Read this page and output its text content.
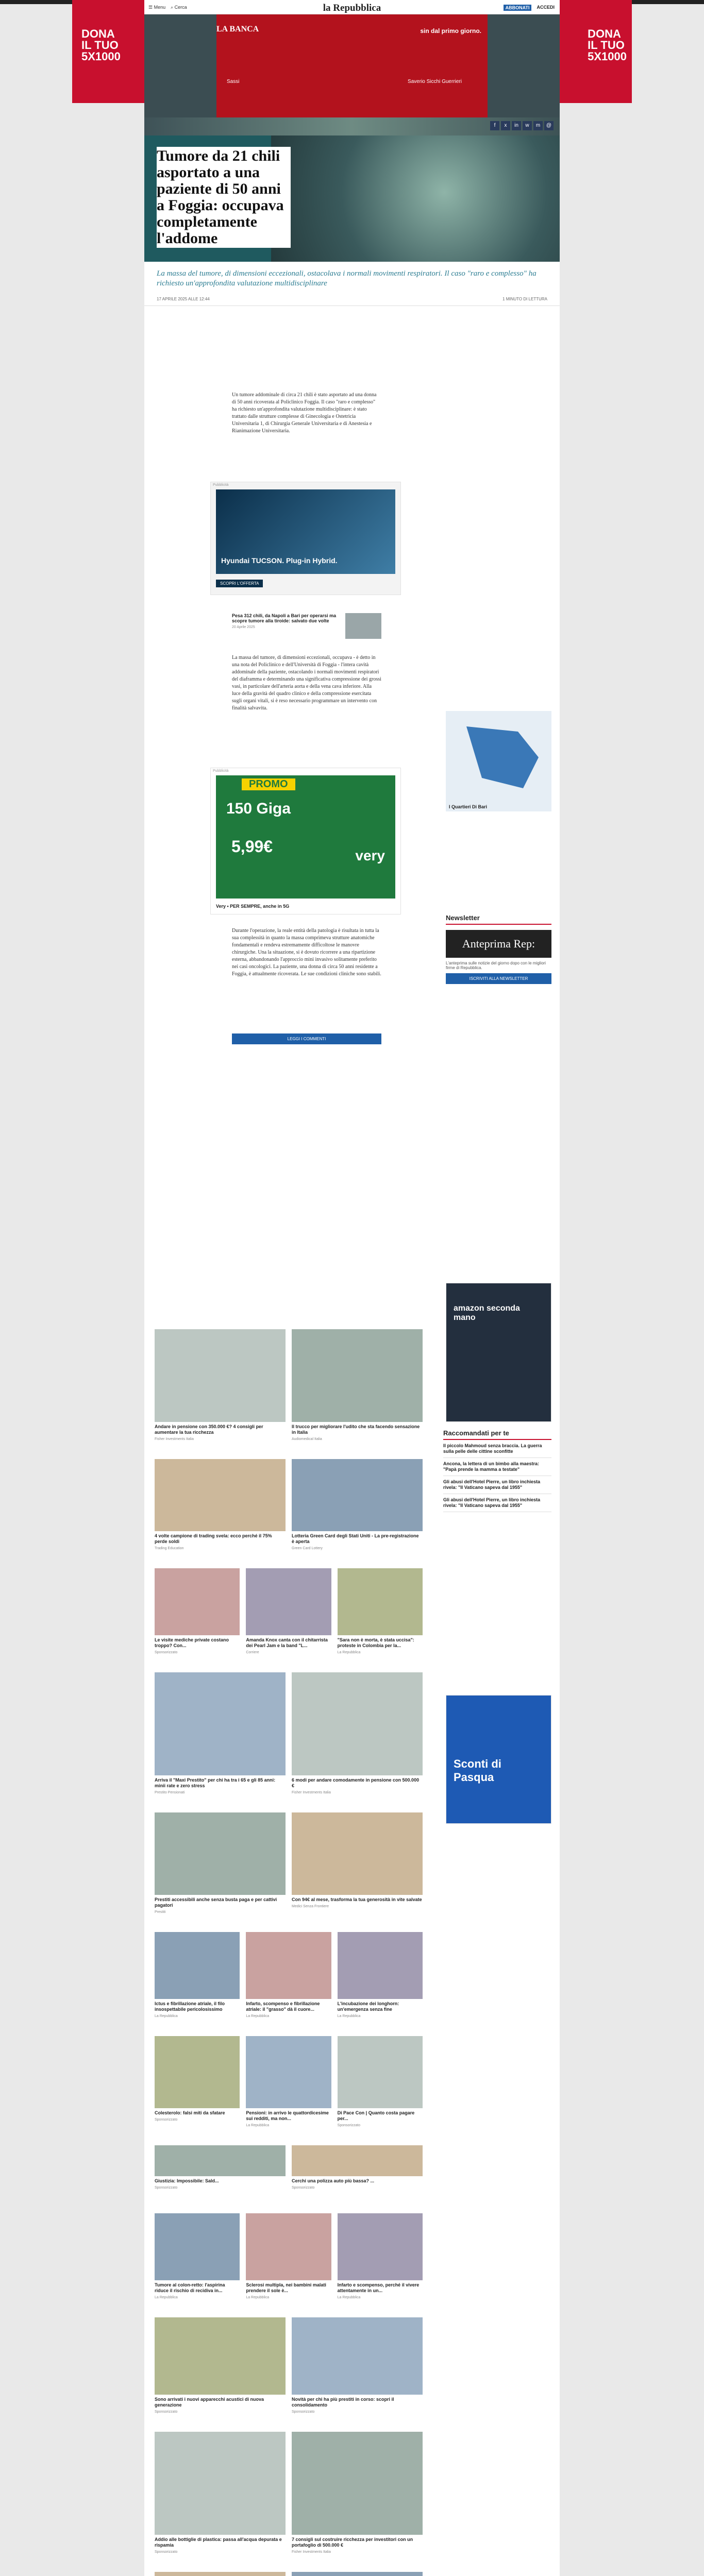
DONA
IL TUO
5X1000
DONA
IL TUO
5X1000
☰ Menu ⌕ Cerca	la Repubblica	ABBONATI	ACCEDI
LA BANCA	sin dal primo giorno.
Sassi	Saverio Sicchi Guerrieri
f	x	in	w	m	@
Tumore da 21 chili asportato a una paziente di 50 anni a Foggia: occupava completamente l'addome
La massa del tumore, di dimensioni eccezionali, ostacolava i normali movimenti respiratori. Il caso "raro e complesso" ha richiesto un'approfondita valutazione multidisciplinare
17 APRILE 2025 ALLE 12:44	1 MINUTO DI LETTURA
Un tumore addominale di circa 21 chili è stato asportato ad una donna di 50 anni ricoverata al Policlinico Foggia. Il caso "raro e complesso" ha richiesto un'approfondita valutazione multidisciplinare: è stato trattato dalle strutture complesse di Ginecologia e Ostetricia Universitaria 1, di Chirurgia Generale Universitaria e di Anestesia e Rianimazione Universitaria.
Pubblicità
Hyundai TUCSON. Plug-in Hybrid.
SCOPRI L'OFFERTA
Pesa 312 chili, da Napoli a Bari per operarsi ma scopre tumore alla tiroide: salvato due volte
20 Aprile 2025
La massa del tumore, di dimensioni eccezionali, occupava - è detto in una nota del Policlinico e dell'Università di Foggia - l'intera cavità addominale della paziente, ostacolando i normali movimenti respiratori del diaframma e determinando una significativa compressione dei grossi vasi, in particolare dell'arteria aorta e della vena cava inferiore. Alla luce della gravità del quadro clinico e della compressione esercitata sugli organi vitali, si è reso necessario programmare un intervento con finalità salvavita.
Pubblicità
PROMO
150 Giga
5,99€	very
Very • PER SEMPRE, anche in 5G
Durante l'operazione, la reale entità della patologia è risultata in tutta la sua complessità in quanto la massa comprimeva strutture anatomiche fondamentali e rendeva estremamente difficoltose le manovre chirurgiche. Una la situazione, si è dovuto ricorrere a una ripartizione esterna, abbandonando l'approccio mini invasivo solitamente preferito nei casi oncologici. La paziente, una donna di circa 50 anni residente a Foggia, è attualmente ricoverata. Le sue condizioni cliniche sono stabili.
LEGGI I COMMENTI
I Quartieri Di Bari
Newsletter
Anteprima Rep:
L'anteprima sulle notizie del giorno dopo con le migliori firme di Repubblica.
ISCRIVITI ALLA NEWSLETTER
amazon seconda mano
Raccomandati per te
Il piccolo Mahmoud senza braccia. La guerra sulla pelle delle cittine sconfitte
Ancona, la lettera di un bimbo alla maestra: "Papà prende la mamma a testate"
Gli abusi dell'Hotel Pierre, un libro inchiesta rivela: "Il Vaticano sapeva dal 1955"
Gli abusi dell'Hotel Pierre, un libro inchiesta rivela: "Il Vaticano sapeva dal 1955"
Sconti di Pasqua
Andare in pensione con 350.000 €? 4 consigli per aumentare la tua ricchezza
Fisher Investments Italia
Il trucco per migliorare l'udito che sta facendo sensazione in Italia
Audiomedical Italia
4 volte campione di trading svela: ecco perché il 75% perde soldi
Trading Education
Lotteria Green Card degli Stati Uniti - La pre-registrazione è aperta
Green Card Lottery
Le visite mediche private costano troppo? Con...
Sponsorizzato
Amanda Knox canta con il chitarrista dei Pearl Jam e la band "L...
Corriere
"Sara non è morta, è stata uccisa": proteste in Colombia per la...
La Repubblica
Arriva il "Maxi Prestito" per chi ha tra i 65 e gli 85 anni: minii rate e zero stress
Prestito Pensionati
6 modi per andare comodamente in pensione con 500.000 €
Fisher Investments Italia
Prestiti accessibili anche senza busta paga e per cattivi pagatori
Prestiti
Con 94€ al mese, trasforma la tua generosità in vite salvate
Medici Senza Frontiere
Ictus e fibrillazione atriale, il filo insospettabile pericolosissimo
La Repubblica
Infarto, scompenso e fibrillazione atriale: il "grasso" dà il cuore...
La Repubblica
L'incubazione dei longhorn: un'emergenza senza fine
La Repubblica
Colesterolo: falsi miti da sfatare
Sponsorizzato
Pensioni: in arrivo le quattordicesime sui redditi, ma non...
La Repubblica
Di Pace Con | Quanto costa pagare per...
Sponsorizzato
Giustizia: Impossibile: Sald...
Sponsorizzato
Cerchi una polizza auto più bassa? ...
Sponsorizzato
Tumore al colon-retto: l'aspirina riduce il rischio di recidiva in...
La Repubblica
Sclerosi multipla, nei bambini malati prendere il sole è...
La Repubblica
Infarto e scompenso, perché il vivere attentamente in un...
La Repubblica
Sono arrivati i nuovi apparecchi acustici di nuova generazione
Sponsorizzato
Novità per chi ha più prestiti in corso: scopri il consolidamento
Sponsorizzato
Addio alle bottiglie di plastica: passa all'acqua depurata e rispamia
Sponsorizzato
7 consigli sul costruire ricchezza per investitori con un portafoglio di 500.000 €
Fisher Investments Italia
